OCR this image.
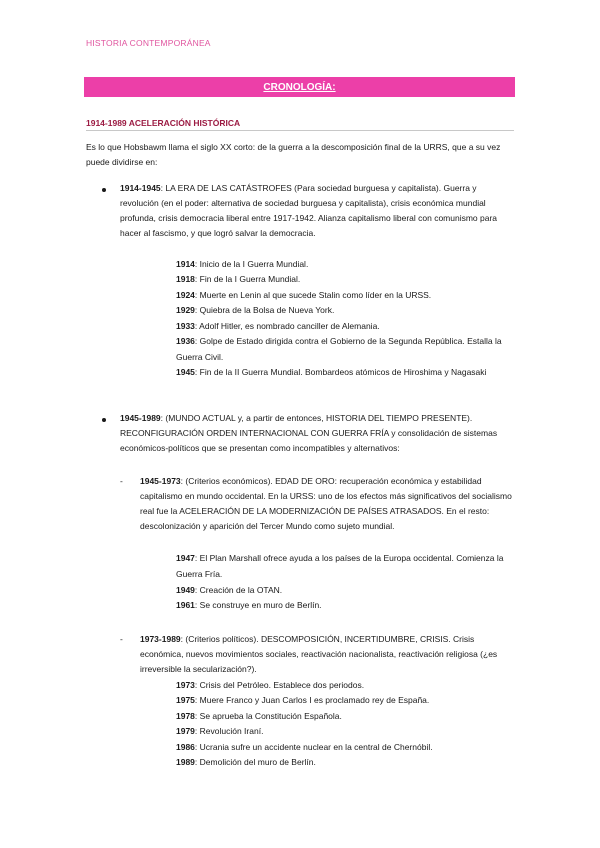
HISTORIA CONTEMPORÁNEA
CRONOLOGÍA:
1914-1989 ACELERACIÓN HISTÓRICA
Es lo que Hobsbawm llama el siglo XX corto: de la guerra a la descomposición final de la URRS, que a su vez puede dividirse en:
1914-1945: LA ERA DE LAS CATÁSTROFES (Para sociedad burguesa y capitalista). Guerra y revolución (en el poder: alternativa de sociedad burguesa y capitalista), crisis económica mundial profunda, crisis democracia liberal entre 1917-1942. Alianza capitalismo liberal con comunismo para hacer al fascismo, y que logró salvar la democracia.
1914: Inicio de la I Guerra Mundial.
1918: Fin de la I Guerra Mundial.
1924: Muerte en Lenin al que sucede Stalin como líder en la URSS.
1929: Quiebra de la Bolsa de Nueva York.
1933: Adolf Hitler, es nombrado canciller de Alemania.
1936: Golpe de Estado dirigida contra el Gobierno de la Segunda República. Estalla la Guerra Civil.
1945: Fin de la II Guerra Mundial. Bombardeos atómicos de Hiroshima y Nagasaki
1945-1989: (MUNDO ACTUAL y, a partir de entonces, HISTORIA DEL TIEMPO PRESENTE). RECONFIGURACIÓN ORDEN INTERNACIONAL CON GUERRA FRÍA y consolidación de sistemas económicos-políticos que se presentan como incompatibles y alternativos:
- 1945-1973: (Criterios económicos). EDAD DE ORO: recuperación económica y estabilidad capitalismo en mundo occidental. En la URSS: uno de los efectos más significativos del socialismo real fue la ACELERACIÓN DE LA MODERNIZACIÓN DE PAÍSES ATRASADOS. En el resto: descolonización y aparición del Tercer Mundo como sujeto mundial.
1947: El Plan Marshall ofrece ayuda a los países de la Europa occidental. Comienza la Guerra Fría.
1949: Creación de la OTAN.
1961: Se construye en muro de Berlín.
- 1973-1989: (Criterios políticos). DESCOMPOSICIÓN, INCERTIDUMBRE, CRISIS. Crisis económica, nuevos movimientos sociales, reactivación nacionalista, reactivación religiosa (¿es irreversible la secularización?).
1973: Crisis del Petróleo. Establece dos periodos.
1975: Muere Franco y Juan Carlos I es proclamado rey de España.
1978: Se aprueba la Constitución Española.
1979: Revolución Iraní.
1986: Ucrania sufre un accidente nuclear en la central de Chernóbil.
1989: Demolición del muro de Berlín.
